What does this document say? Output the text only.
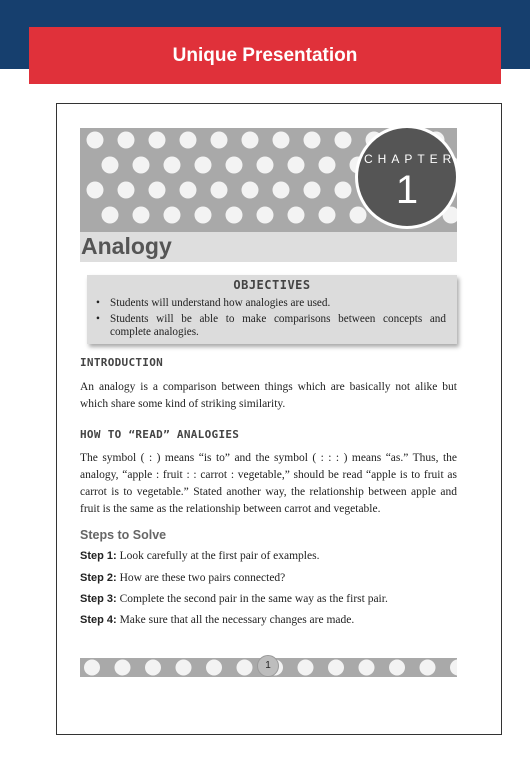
Unique Presentation
CHAPTER
1
Analogy
OBJECTIVES
• Students will understand how analogies are used.
• Students will be able to make comparisons between concepts and complete analogies.
INTRODUCTION
An analogy is a comparison between things which are basically not alike but which share some kind of striking similarity.
HOW TO “READ” ANALOGIES
The symbol ( : ) means “is to” and the symbol ( : : : ) means “as.” Thus, the analogy, “apple : fruit : : carrot : vegetable,” should be read “apple is to fruit as carrot is to vegetable.” Stated another way, the relationship between apple and fruit is the same as the relationship between carrot and vegetable.
Steps to Solve
Step 1: Look carefully at the first pair of examples.
Step 2: How are these two pairs connected?
Step 3: Complete the second pair in the same way as the first pair.
Step 4: Make sure that all the necessary changes are made.
1
